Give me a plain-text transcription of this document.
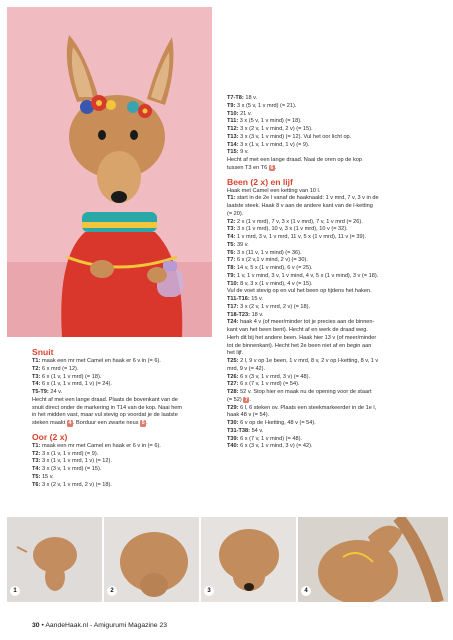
Snuit

T1: maak een mr met Camel en haak er 6 v in (= 6).

T2: 6 x mrd (= 12).

T3: 6 x (1 v, 1 v mrd) (= 18).

T4: 6 x (1 v, 1 v mrd, 1 v) (= 24).

T5-T9: 24 v.

Hecht af met een lange draad. Plaats de bovenkant van de

snuit direct onder de markering in T14 van de kop. Naai hem

in het midden vast, maar vul stevig op voordat je de laatste

steken maakt 4 . Borduur een zwarte neus 5 .

Oor (2 x)

T1: maak een mr met Camel en haak er 6 v in (= 6).

T2: 3 x (1 v, 1 v mrd) (= 9).

T3: 3 x (1 v, 1 v mrd, 1 v) (= 12).

T4: 3 x (3 v, 1 v mrd) (= 15).

T5: 15 v.

T6: 3 x (2 v, 1 v mrd, 2 v) (= 18).

T7-T8: 18 v.

T9: 3 x (5 v, 1 v mrd) (= 21).

T10: 21 v.

T11: 3 x (5 v, 1 v mind) (= 18).

T12: 3 x (2 v, 1 v mind, 2 v) (= 15).

T13: 3 x (3 v, 1 v mind) (= 12). Vul het oor licht op.

T14: 3 x (1 v, 1 v mind, 1 v) (= 9).

T15: 9 v.

Hecht af met een lange draad. Naai de oren op de kop

tussen T3 en T6 6 .

Been (2 x) en lijf

Haak met Camel een ketting van 10 l.

T1: start in de 2e l vanaf de haaknaald: 1 v mrd, 7 v, 3 v in de

laatste steek. Haak 8 v aan de andere kant van de l-ketting

(= 20).

T2: 2 x (1 v mrd), 7 v, 3 x (1 v mrd), 7 v, 1 v mrd (= 26).

T3: 3 x (1 v mrd), 10 v, 3 x (1 v mrd), 10 v (= 32).

T4: 1 v mrd, 3 v, 1 v mrd, 11 v, 5 x (1 v mrd), 11 v (= 39).

T5: 39 v.

T6: 3 x (11 v, 1 v mind) (= 36).

T7: 6 x (2 v,1 v mind, 2 v) (= 30).

T8: 14 v, 5 x (1 v mind), 6 v (= 25).

T9: 1 v, 1 v mind, 3 v, 1 v mind, 4 v, 5 x (1 v mind), 3 v (= 18).

T10: 8 v, 3 x (1 v mind), 4 v (= 15).

Vul de voet stevig op en vul het been op tijdens het haken.

T11-T16: 15 v.

T17: 3 x (2 v, 1 v mrd, 2 v) (= 18).

T18-T23: 18 v.

T24: haak 4 v (of meer/minder tot je precies aan de binnen-

kant van het been bent). Hecht af en werk de draad weg.

Herh dit bij het andere been. Haak hier 13 v (of meer/minder

tot de binnenkant). Hecht het 2e been niet af en begin aan

het lijf.

T25: 2 l, 9 v op 1e been, 1 v mrd, 8 v, 2 v op l-ketting, 8 v, 1 v

mrd, 9 v (= 42).

T26: 6 x (3 v, 1 v mrd, 3 v) (= 48).

T27: 6 x (7 v, 1 v mrd) (= 54).

T28: 52 v. Stop hier en maak nu de opening voor de staart

(= 52) 7 .

T29: 6 l, 6 steken ov. Plaats een steekmarkeerder in de 1e l,

haak 48 v (= 54).

T30: 6 v op de l-ketting, 48 v (= 54).

T31-T38: 54 v.

T39: 6 x (7 v, 1 v mind) (= 48).

T40: 6 x (3 v, 1 v mind, 3 v) (= 42).

1	2	3	4
30 • AandeHaak.nl - Amigurumi Magazine 23
